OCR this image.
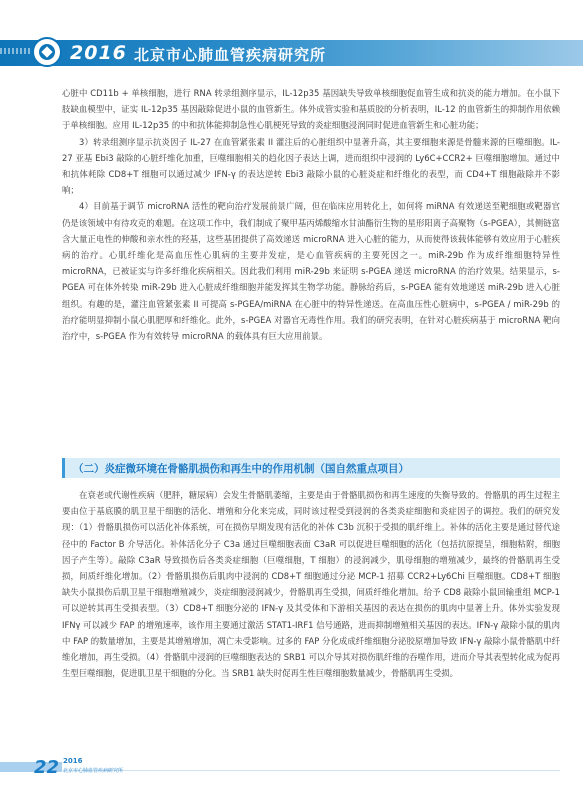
2016 北京市心肺血管疾病研究所

心脏中 CD11b + 单核细胞，进行 RNA 转录组测序显示，IL-12p35 基因缺失导致单核细胞促血管生成和抗炎的能力增加。在小鼠下肢缺血模型中，证实 IL-12p35 基因敲除促进小鼠的血管新生。体外成管实验和基质胶的分析表明，IL-12 的血管新生的抑制作用依赖于单核细胞。应用 IL-12p35 的中和抗体能抑制急性心肌梗死导致的炎症细胞浸润同时促进血管新生和心脏功能；

3）转录组测序显示抗炎因子 IL-27 在血管紧张素 II 灌注后的心脏组织中显著升高，其主要细胞来源是骨髓来源的巨噬细胞。IL-27 亚基 Ebi3 敲除的心脏纤维化加重，巨噬细胞相关的趋化因子表达上调，进而组织中浸润的 Ly6C+CCR2+ 巨噬细胞增加。通过中和抗体耗除 CD8+T 细胞可以通过减少 IFN-γ 的表达逆转 Ebi3 敲除小鼠的心脏炎症和纤维化的表型，而 CD4+T 细胞敲除并不影响；

4）目前基于调节 microRNA 活性的靶向治疗发展前景广阔，但在临床应用转化上，如何将 miRNA 有效递送至靶细胞或靶器官仍是该领域中有待攻克的难题。在这项工作中，我们制成了聚甲基丙烯酸缩水甘油酯衍生物的星形阳离子高聚物（s-PGEA），其侧链富含大量正电性的伸酸和亲水性的羟基，这些基团提供了高效递送 microRNA 进入心脏的能力，从而使得该载体能够有效应用于心脏疾病的治疗。心肌纤维化是高血压性心肌病的主要并发症，是心血管疾病的主要死因之一。miR-29b 作为成纤维细胞特异性 microRNA，已被证实与许多纤维化疾病相关。因此我们利用 miR-29b 来证明 s-PGEA 递送 microRNA 的治疗效果。结果显示，s-PGEA 可在体外转染 miR-29b 进入心脏成纤维细胞并能发挥其生物学功能。静脉给药后，s-PGEA 能有效地递送 miR-29b 进入心脏组织。有趣的是，灌注血管紧张素 II 可提高 s-PGEA/miRNA 在心脏中的特异性递送。在高血压性心脏病中，s-PGEA / miR-29b 的治疗能明显抑制小鼠心肌肥厚和纤维化。此外，s-PGEA 对器官无毒性作用。我们的研究表明，在针对心脏疾病基于 microRNA 靶向治疗中，s-PGEA 作为有效转导 microRNA 的载体具有巨大应用前景。

（二）炎症微环境在骨骼肌损伤和再生中的作用机制（国自然重点项目）

在衰老或代谢性疾病（肥胖，糖尿病）会发生骨骼肌萎缩，主要是由于骨骼肌损伤和再生速度的失衡导致的。骨骼肌的再生过程主要由位于基底膜的肌卫星干细胞的活化、增殖和分化来完成，同时该过程受到浸润的各类炎症细胞和炎症因子的调控。我们的研究发现：（1）骨骼肌损伤可以活化补体系统，可在损伤早期发现有活化的补体 C3b 沉积于受损的肌纤维上。补体的活化主要是通过替代途径中的 Factor B 介导活化。补体活化分子 C3a 通过巨噬细胞表面 C3aR 可以促进巨噬细胞的活化（包括抗原提呈，细胞粘附，细胞因子产生等）。敲除 C3aR 导致损伤后各类炎症细胞（巨噬细胞，T 细胞）的浸润减少，肌母细胞的增殖减少，最终的骨骼肌再生受损，间质纤维化增加。（2）骨骼肌损伤后肌肉中浸润的 CD8+T 细胞通过分泌 MCP-1 招募 CCR2+Ly6Chi 巨噬细胞。CD8+T 细胞缺失小鼠损伤后肌卫星干细胞增殖减少，炎症细胞浸润减少，骨骼肌再生受损，间质纤维化增加。给予 CD8 敲除小鼠回输重组 MCP-1 可以逆转其再生受损表型。（3）CD8+T 细胞分泌的 IFN-γ 及其受体和下游相关基因的表达在损伤的肌肉中显著上升。体外实验发现 IFNγ 可以减少 FAP 的增殖速率，该作用主要通过激活 STAT1-IRF1 信号通路，进而抑制增殖相关基因的表达。IFN-γ 敲除小鼠的肌肉中 FAP 的数量增加，主要是其增殖增加，凋亡未受影响。过多的 FAP 分化成成纤维细胞分泌胶原增加导致 IFN-γ 敲除小鼠骨骼肌中纤维化增加，再生受损。（4）骨骼肌中浸润的巨噬细胞表达的 SRB1 可以介导其对损伤肌纤维的吞噬作用，进而介导其表型转化成为促再生型巨噬细胞，促进肌卫星干细胞的分化。当 SRB1 缺失时促再生性巨噬细胞数量减少，骨骼肌再生受损。

22 2016
北京市心肺血管疾病研究所
